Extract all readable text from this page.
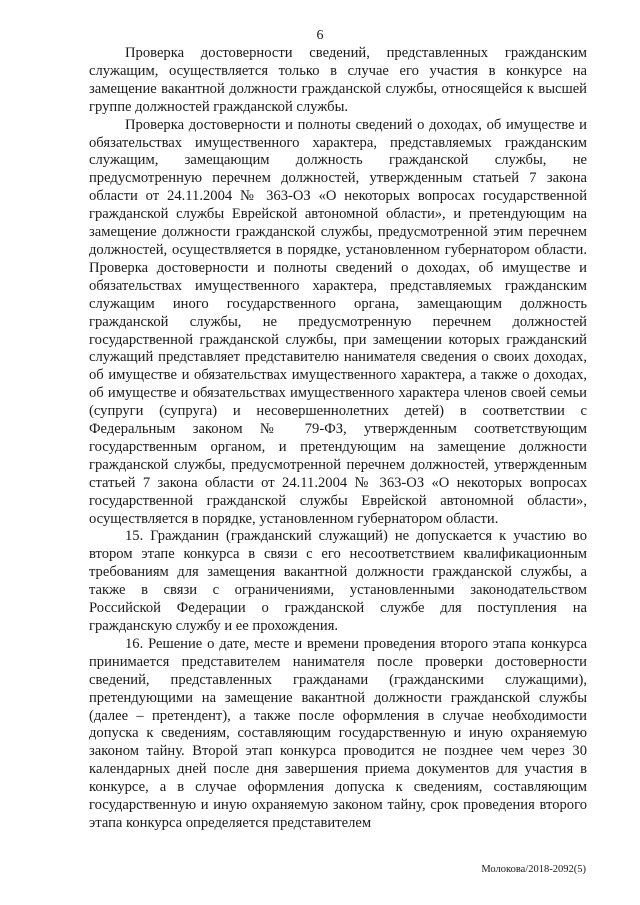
6

Проверка достоверности сведений, представленных гражданским служащим, осуществляется только в случае его участия в конкурсе на замещение вакантной должности гражданской службы, относящейся к высшей группе должностей гражданской службы.

Проверка достоверности и полноты сведений о доходах, об имуществе и обязательствах имущественного характера, представляемых гражданским служащим, замещающим должность гражданской службы, не предусмотренную перечнем должностей, утвержденным статьей 7 закона области от 24.11.2004 № 363-ОЗ «О некоторых вопросах государственной гражданской службы Еврейской автономной области», и претендующим на замещение должности гражданской службы, предусмотренной этим перечнем должностей, осуществляется в порядке, установленном губернатором области. Проверка достоверности и полноты сведений о доходах, об имуществе и обязательствах имущественного характера, представляемых гражданским служащим иного государственного органа, замещающим должность гражданской службы, не предусмотренную перечнем должностей государственной гражданской службы, при замещении которых гражданский служащий представляет представителю нанимателя сведения о своих доходах, об имуществе и обязательствах имущественного характера, а также о доходах, об имуществе и обязательствах имущественного характера членов своей семьи (супруги (супруга) и несовершеннолетних детей) в соответствии с Федеральным законом № 79-ФЗ, утвержденным соответствующим государственным органом, и претендующим на замещение должности гражданской службы, предусмотренной перечнем должностей, утвержденным статьей 7 закона области от 24.11.2004 № 363-ОЗ «О некоторых вопросах государственной гражданской службы Еврейской автономной области», осуществляется в порядке, установленном губернатором области.

15. Гражданин (гражданский служащий) не допускается к участию во втором этапе конкурса в связи с его несоответствием квалификационным требованиям для замещения вакантной должности гражданской службы, а также в связи с ограничениями, установленными законодательством Российской Федерации о гражданской службе для поступления на гражданскую службу и ее прохождения.

16. Решение о дате, месте и времени проведения второго этапа конкурса принимается представителем нанимателя после проверки достоверности сведений, представленных гражданами (гражданскими служащими), претендующими на замещение вакантной должности гражданской службы (далее – претендент), а также после оформления в случае необходимости допуска к сведениям, составляющим государственную и иную охраняемую законом тайну. Второй этап конкурса проводится не позднее чем через 30 календарных дней после дня завершения приема документов для участия в конкурсе, а в случае оформления допуска к сведениям, составляющим государственную и иную охраняемую законом тайну, срок проведения второго этапа конкурса определяется представителем

Молокова/2018-2092(5)
